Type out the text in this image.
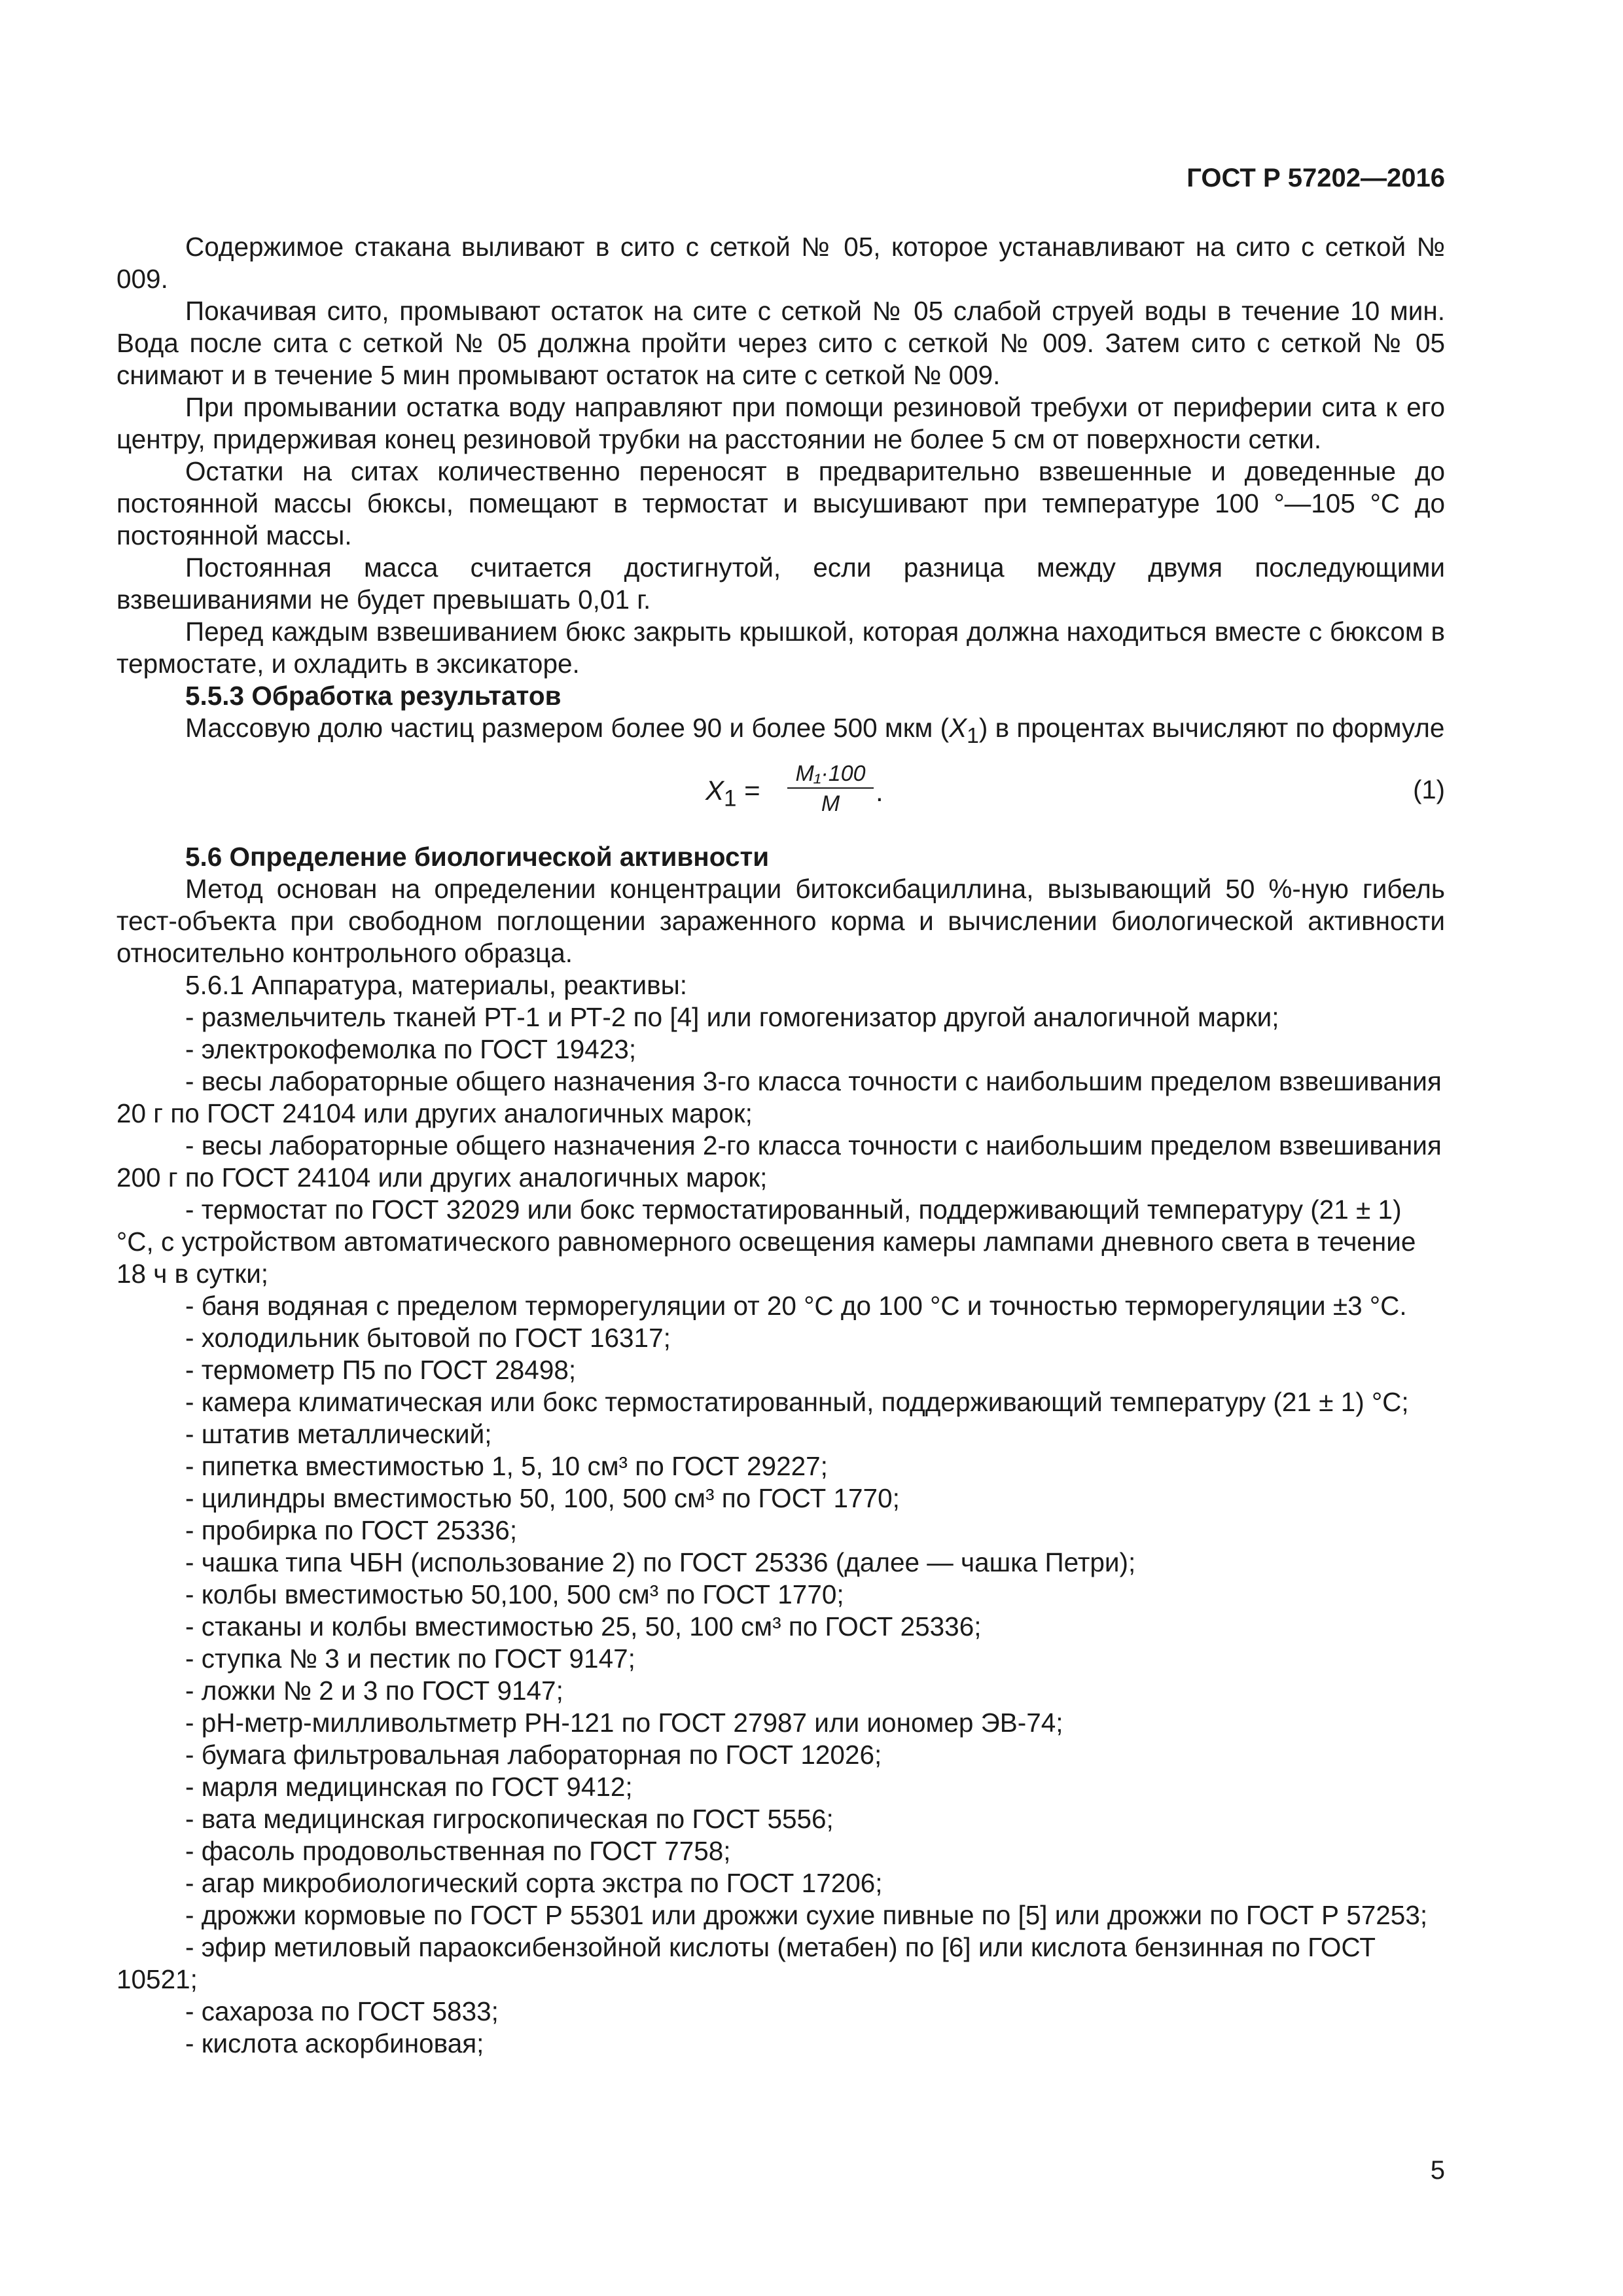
ГОСТ Р 57202—2016

Содержимое стакана выливают в сито с сеткой № 05, которое устанавливают на сито с сеткой № 009.

Покачивая сито, промывают остаток на сите с сеткой № 05 слабой струей воды в течение 10 мин. Вода после сита с сеткой № 05 должна пройти через сито с сеткой № 009. Затем сито с сеткой № 05 снимают и в течение 5 мин промывают остаток на сите с сеткой № 009.

При промывании остатка воду направляют при помощи резиновой требухи от периферии сита к его центру, придерживая конец резиновой трубки на расстоянии не более 5 см от поверхности сетки.

Остатки на ситах количественно переносят в предварительно взвешенные и доведенные до постоянной массы бюксы, помещают в термостат и высушивают при температуре 100 °—105 °С до постоянной массы.

Постоянная масса считается достигнутой, если разница между двумя последующими взвешиваниями не будет превышать 0,01 г.

Перед каждым взвешиванием бюкс закрыть крышкой, которая должна находиться вместе с бюксом в термостате, и охладить в эксикаторе.

5.5.3 Обработка результатов

Массовую долю частиц размером более 90 и более 500 мкм $(X_1)$ в процентах вычисляют по формуле

$X_1 = \frac{\text{M₁·100}}{M}$ .	(1)

5.6 Определение биологической активности

Метод основан на определении концентрации битоксибациллина, вызывающий 50 %-ную гибель тест-объекта при свободном поглощении зараженного корма и вычислении биологической активности относительно контрольного образца.

5.6.1 Аппаратура, материалы, реактивы:

- размельчитель тканей РТ-1 и РТ-2 по [4] или гомогенизатор другой аналогичной марки;

- электрокофемолка по ГОСТ 19423;

- весы лабораторные общего назначения 3-го класса точности с наибольшим пределом взвешивания 20 г по ГОСТ 24104 или других аналогичных марок;

- весы лабораторные общего назначения 2-го класса точности с наибольшим пределом взвешивания 200 г по ГОСТ 24104 или других аналогичных марок;

- термостат по ГОСТ 32029 или бокс термостатированный, поддерживающий температуру (21 ± 1) °С, с устройством автоматического равномерного освещения камеры лампами дневного света в течение 18 ч в сутки;

- баня водяная с пределом терморегуляции от 20 °С до 100 °С и точностью терморегуляции ±3 °С.

- холодильник бытовой по ГОСТ 16317;

- термометр П5 по ГОСТ 28498;

- камера климатическая или бокс термостатированный, поддерживающий температуру (21 ± 1) °С;

- штатив металлический;

- пипетка вместимостью 1, 5, 10 см³ по ГОСТ 29227;

- цилиндры вместимостью 50, 100, 500 см³ по ГОСТ 1770;

- пробирка по ГОСТ 25336;

- чашка типа ЧБН (использование 2) по ГОСТ 25336 (далее — чашка Петри);

- колбы вместимостью 50,100, 500 см³ по ГОСТ 1770;

- стаканы и колбы вместимостью 25, 50, 100 см³ по ГОСТ 25336;

- ступка № 3 и пестик по ГОСТ 9147;

- ложки № 2 и 3 по ГОСТ 9147;

- рН-метр-милливольтметр РН-121 по ГОСТ 27987 или иономер ЭВ-74;

- бумага фильтровальная лабораторная по ГОСТ 12026;

- марля медицинская по ГОСТ 9412;

- вата медицинская гигроскопическая по ГОСТ 5556;

- фасоль продовольственная по ГОСТ 7758;

- агар микробиологический сорта экстра по ГОСТ 17206;

- дрожжи кормовые по ГОСТ Р 55301 или дрожжи сухие пивные по [5] или дрожжи по ГОСТ Р 57253;

- эфир метиловый параоксибензойной кислоты (метабен) по [6] или кислота бензинная по ГОСТ 10521;

- сахароза по ГОСТ 5833;

- кислота аскорбиновая;

5
